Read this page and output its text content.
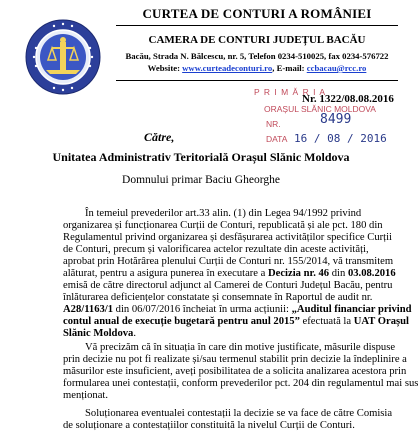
CURTEA DE CONTURI A ROMÂNIEI
CAMERA DE CONTURI JUDEȚUL BACĂU
Bacău, Strada N. Bălcescu, nr. 5, Telefon 0234-510025, fax 0234-576722
Website: www.curteadeconturi.ro, E-mail: ccbacau@rcc.ro
P R I M Ă R I A
ORAȘUL SLĂNIC MOLDOVA
NR.	8499
DATA 16 / 08 / 2016
Nr. 1322/08.08.2016
Către,
Unitatea Administrativ Teritorială Orașul Slănic Moldova
Domnului primar Baciu Gheorghe
În temeiul prevederilor art.33 alin. (1) din Legea 94/1992 privind
organizarea și funcționarea Curții de Conturi, republicată și ale pct. 180 din
Regulamentul privind organizarea și desfășurarea activităților specifice Curții
de Conturi, precum și valorificarea actelor rezultate din aceste activități,
aprobat prin Hotărârea plenului Curții de Conturi nr. 155/2014, vă transmitem
alăturat, pentru a asigura punerea în executare a Decizia nr. 46 din 03.08.2016
emisă de către directorul adjunct al Camerei de Conturi Județul Bacău, pentru
înlăturarea deficiențelor constatate și consemnate în Raportul de audit nr.
A28/1163/1 din 06/07/2016 încheiat în urma acțiunii: „Auditul financiar privind
contul anual de execuție bugetară pentru anul 2015” efectuată la UAT Orașul
Slănic Moldova.
Vă precizăm că în situația în care din motive justificate, măsurile dispuse
prin decizie nu pot fi realizate și/sau termenul stabilit prin decizie la îndeplinire a
măsurilor este insuficient, aveți posibilitatea de a solicita analizarea acestora prin
formularea unei contestații, conform prevederilor pct. 204 din regulamentul mai sus
menționat.
Soluționarea eventualei contestații la decizie se va face de către Comisia
de soluționare a contestațiilor constituită la nivelul Curții de Conturi.
